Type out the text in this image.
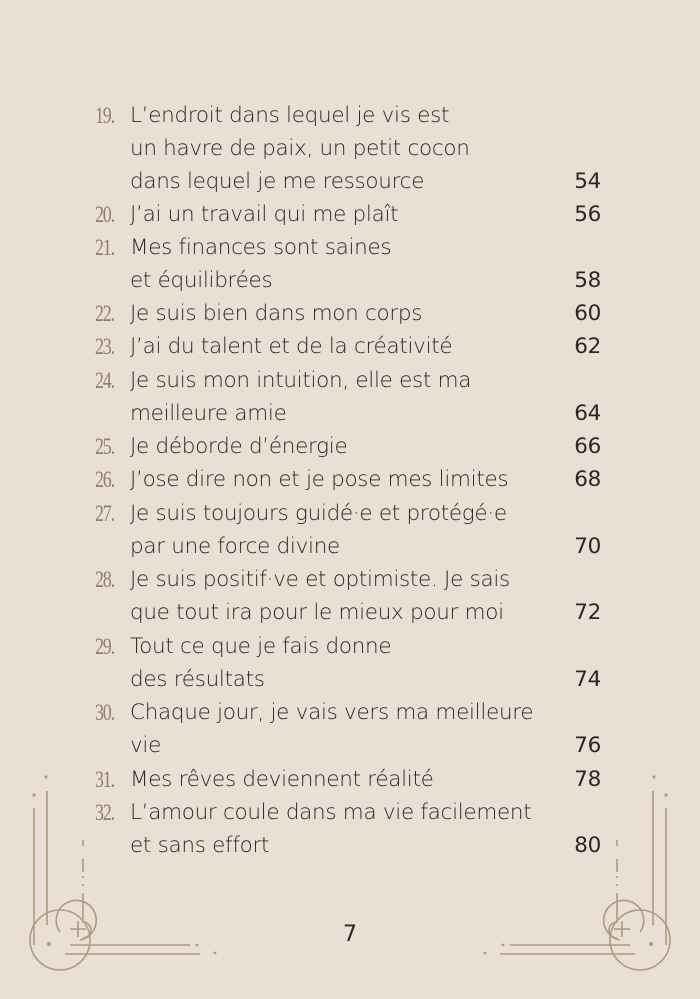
19. L’endroit dans lequel je vis est
un havre de paix, un petit cocon
dans lequel je me ressource	54
20. J’ai un travail qui me plaît	56
21. Mes finances sont saines
et équilibrées	58
22. Je suis bien dans mon corps	60
23. J’ai du talent et de la créativité	62
24. Je suis mon intuition, elle est ma
meilleure amie	64
25. Je déborde d’énergie	66
26. J’ose dire non et je pose mes limites	68
27. Je suis toujours guidé·e et protégé·e
par une force divine	70
28. Je suis positif·ve et optimiste. Je sais
que tout ira pour le mieux pour moi	72
29. Tout ce que je fais donne
des résultats	74
30. Chaque jour, je vais vers ma meilleure
vie	76
31. Mes rêves deviennent réalité	78
32. L’amour coule dans ma vie facilement
et sans effort	80
7
